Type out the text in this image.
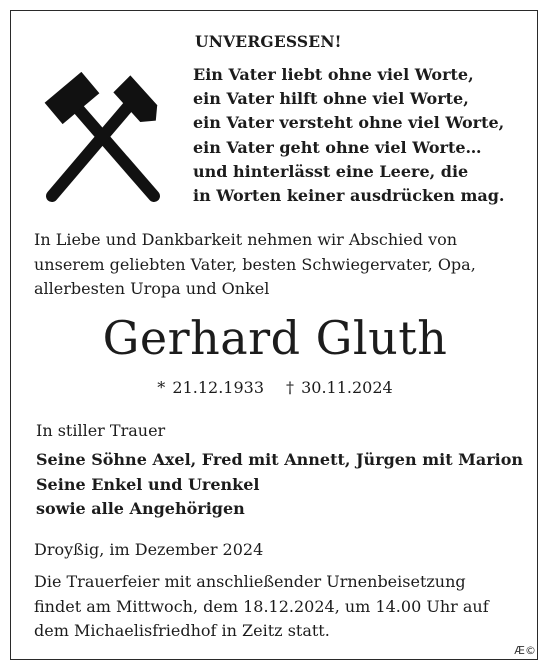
UNVERGESSEN!
Ein Vater liebt ohne viel Worte,
ein Vater hilft ohne viel Worte,
ein Vater versteht ohne viel Worte,
ein Vater geht ohne viel Worte…
und hinterlässt eine Leere, die
in Worten keiner ausdrücken mag.
In Liebe und Dankbarkeit nehmen wir Abschied von
unserem geliebten Vater, besten Schwiegervater, Opa,
allerbesten Uropa und Onkel
Gerhard Gluth
* 21.12.1933 † 30.11.2024
In stiller Trauer
Seine Söhne Axel, Fred mit Annett, Jürgen mit Marion
Seine Enkel und Urenkel
sowie alle Angehörigen
Droyßig, im Dezember 2024
Die Trauerfeier mit anschließender Urnenbeisetzung
findet am Mittwoch, dem 18.12.2024, um 14.00 Uhr auf
dem Michaelisfriedhof in Zeitz statt.
Æ©
